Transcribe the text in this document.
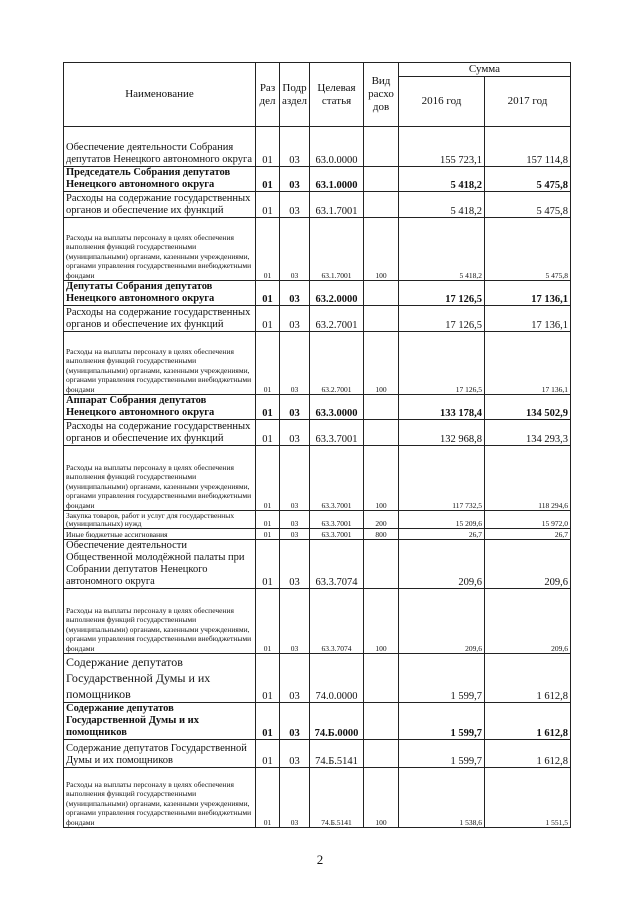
Наименование	Раз дел	Подр аздел	Целевая статья	Вид расхо дов	Сумма	
					2016 год	2017 год
Обеспечение деятельности Собрания депутатов Ненецкого автономного округа	01	03	63.0.0000		155 723,1	157 114,8
Председатель Собрания депутатов Ненецкого автономного округа	01	03	63.1.0000		5 418,2	5 475,8
Расходы на содержание государственных органов и обеспечение их функций	01	03	63.1.7001		5 418,2	5 475,8
Расходы на выплаты персоналу в целях обеспечения выполнения функций государственными (муниципальными) органами, казенными учреждениями, органами управления государственными внебюджетными фондами	01	03	63.1.7001	100	5 418,2	5 475,8
Депутаты Собрания депутатов Ненецкого автономного округа	01	03	63.2.0000		17 126,5	17 136,1
Расходы на содержание государственных органов и обеспечение их функций	01	03	63.2.7001		17 126,5	17 136,1
Расходы на выплаты персоналу в целях обеспечения выполнения функций государственными (муниципальными) органами, казенными учреждениями, органами управления государственными внебюджетными фондами	01	03	63.2.7001	100	17 126,5	17 136,1
Аппарат Собрания депутатов Ненецкого автономного округа	01	03	63.3.0000		133 178,4	134 502,9
Расходы на содержание государственных органов и обеспечение их функций	01	03	63.3.7001		132 968,8	134 293,3
Расходы на выплаты персоналу в целях обеспечения выполнения функций государственными (муниципальными) органами, казенными учреждениями, органами управления государственными внебюджетными фондами	01	03	63.3.7001	100	117 732,5	118 294,6
Закупка товаров, работ и услуг для государственных (муниципальных) нужд	01	03	63.3.7001	200	15 209,6	15 972,0
Иные бюджетные ассигнования	01	03	63.3.7001	800	26,7	26,7
Обеспечение деятельности Общественной молодёжной палаты при Собрании депутатов Ненецкого автономного округа	01	03	63.3.7074		209,6	209,6
Расходы на выплаты персоналу в целях обеспечения выполнения функций государственными (муниципальными) органами, казенными учреждениями, органами управления государственными внебюджетными фондами	01	03	63.3.7074	100	209,6	209,6
Содержание депутатов Государственной Думы и их помощников	01	03	74.0.0000		1 599,7	1 612,8
Содержание депутатов Государственной Думы и их помощников	01	03	74.Б.0000		1 599,7	1 612,8
Содержание депутатов Государственной Думы и их помощников	01	03	74.Б.5141		1 599,7	1 612,8
Расходы на выплаты персоналу в целях обеспечения выполнения функций государственными (муниципальными) органами, казенными учреждениями, органами управления государственными внебюджетными фондами	01	03	74.Б.5141	100	1 538,6	1 551,5
2
